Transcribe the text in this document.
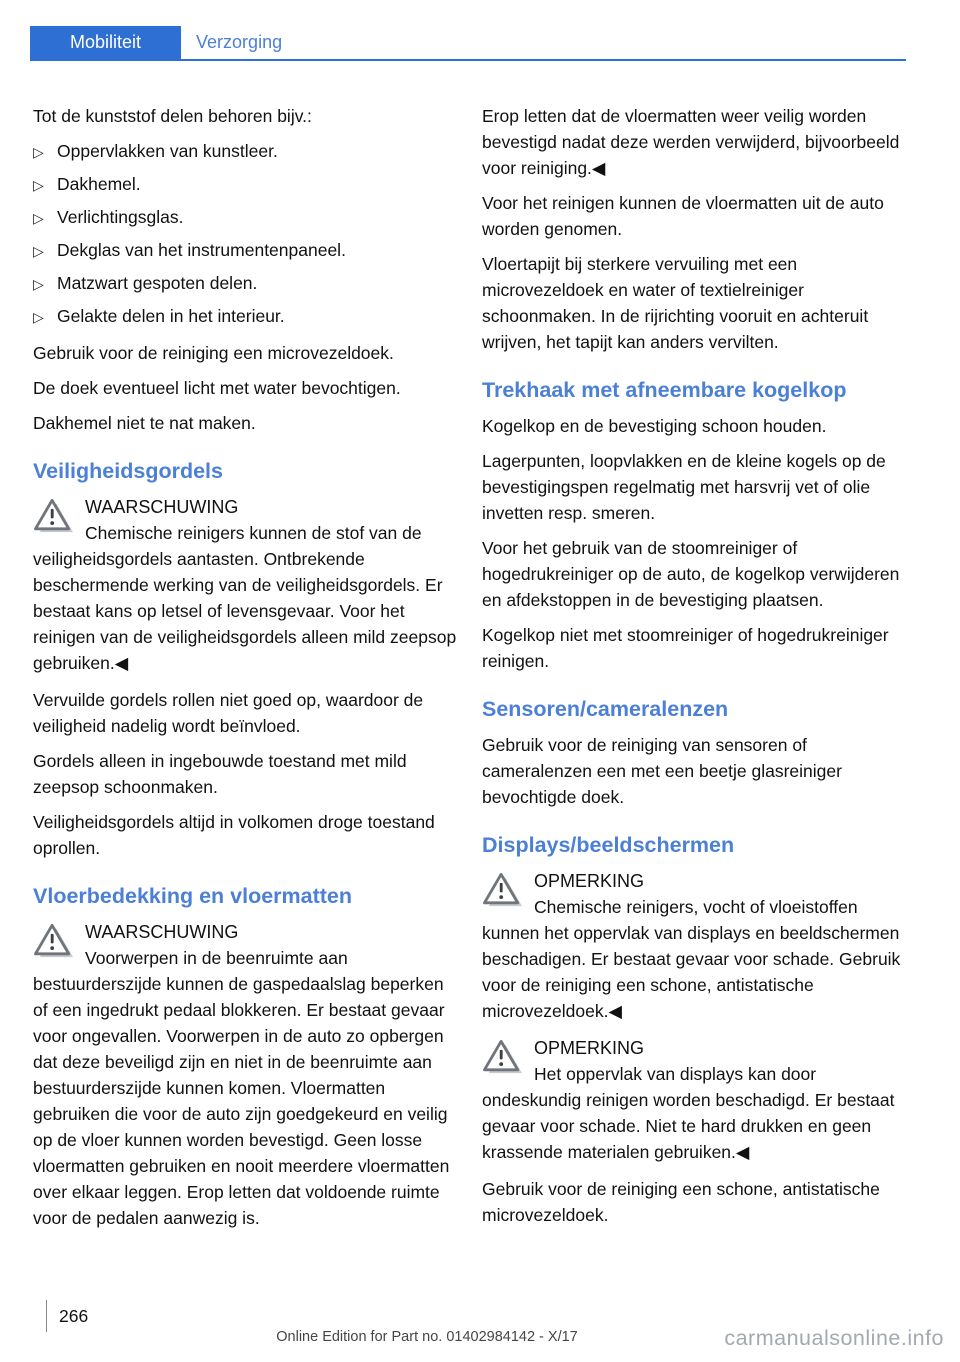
Mobiliteit	Verzorging

Tot de kunststof delen behoren bijv.:

▷ Oppervlakken van kunstleer.
▷ Dakhemel.
▷ Verlichtingsglas.
▷ Dekglas van het instrumentenpaneel.
▷ Matzwart gespoten delen.
▷ Gelakte delen in het interieur.

Gebruik voor de reiniging een microvezeldoek.

De doek eventueel licht met water bevochtigen.

Dakhemel niet te nat maken.

Veiligheidsgordels
WAARSCHUWING

Chemische reinigers kunnen de stof van de veiligheidsgordels aantasten. Ontbrekende beschermende werking van de veiligheidsgordels. Er bestaat kans op letsel of levensgevaar. Voor het reinigen van de veiligheidsgordels alleen mild zeepsop gebruiken.◀

Vervuilde gordels rollen niet goed op, waardoor de veiligheid nadelig wordt beïnvloed.

Gordels alleen in ingebouwde toestand met mild zeepsop schoonmaken.

Veiligheidsgordels altijd in volkomen droge toestand oprollen.

Vloerbedekking en vloermatten
WAARSCHUWING

Voorwerpen in de beenruimte aan bestuurderszijde kunnen de gaspedaalslag beperken of een ingedrukt pedaal blokkeren. Er bestaat gevaar voor ongevallen. Voorwerpen in de auto zo opbergen dat deze beveiligd zijn en niet in de beenruimte aan bestuurderszijde kunnen komen. Vloermatten gebruiken die voor de auto zijn goedgekeurd en veilig op de vloer kunnen worden bevestigd. Geen losse vloermatten gebruiken en nooit meerdere vloermatten over elkaar leggen. Erop letten dat voldoende ruimte voor de pedalen aanwezig is.

Erop letten dat de vloermatten weer veilig worden bevestigd nadat deze werden verwijderd, bijvoorbeeld voor reiniging.◀

Voor het reinigen kunnen de vloermatten uit de auto worden genomen.

Vloertapijt bij sterkere vervuiling met een microvezeldoek en water of textielreiniger schoonmaken. In de rijrichting vooruit en achteruit wrijven, het tapijt kan anders vervilten.

Trekhaak met afneembare kogelkop

Kogelkop en de bevestiging schoon houden.

Lagerpunten, loopvlakken en de kleine kogels op de bevestigingspen regelmatig met harsvrij vet of olie invetten resp. smeren.

Voor het gebruik van de stoomreiniger of hogedrukreiniger op de auto, de kogelkop verwijderen en afdekstoppen in de bevestiging plaatsen.

Kogelkop niet met stoomreiniger of hogedrukreiniger reinigen.

Sensoren/cameralenzen

Gebruik voor de reiniging van sensoren of cameralenzen een met een beetje glasreiniger bevochtigde doek.

Displays/beeldschermen
OPMERKING

Chemische reinigers, vocht of vloeistoffen kunnen het oppervlak van displays en beeldschermen beschadigen. Er bestaat gevaar voor schade. Gebruik voor de reiniging een schone, antistatische microvezeldoek.◀

OPMERKING

Het oppervlak van displays kan door ondeskundig reinigen worden beschadigd. Er bestaat gevaar voor schade. Niet te hard drukken en geen krassende materialen gebruiken.◀

Gebruik voor de reiniging een schone, antistatische microvezeldoek.

266
Online Edition for Part no. 01402984142 - X/17	carmanualsonline.info
